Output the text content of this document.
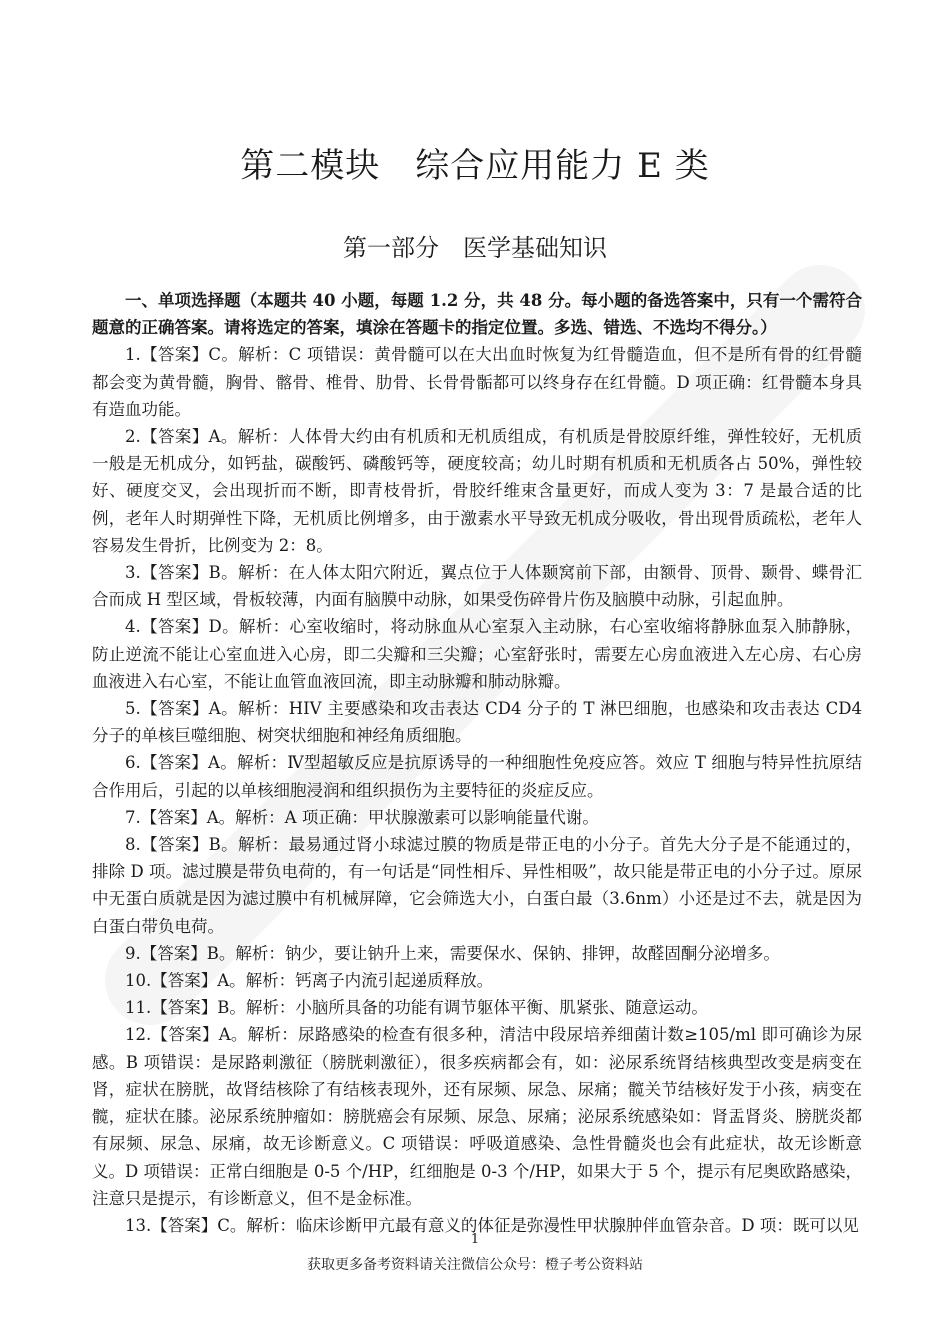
第二模块　综合应用能力 E 类
第一部分　医学基础知识

一、单项选择题（本题共 40 小题，每题 1.2 分，共 48 分。每小题的备选答案中，只有一个需符合题意的正确答案。请将选定的答案，填涂在答题卡的指定位置。多选、错选、不选均不得分。）

1.【答案】C。解析：C 项错误：黄骨髓可以在大出血时恢复为红骨髓造血，但不是所有骨的红骨髓都会变为黄骨髓，胸骨、髂骨、椎骨、肋骨、长骨骨骺都可以终身存在红骨髓。D 项正确：红骨髓本身具有造血功能。

2.【答案】A。解析：人体骨大约由有机质和无机质组成，有机质是骨胶原纤维，弹性较好，无机质一般是无机成分，如钙盐，碳酸钙、磷酸钙等，硬度较高；幼儿时期有机质和无机质各占 50%，弹性较好、硬度交叉，会出现折而不断，即青枝骨折，骨胶纤维束含量更好，而成人变为 3：7 是最合适的比例，老年人时期弹性下降，无机质比例增多，由于激素水平导致无机成分吸收，骨出现骨质疏松，老年人容易发生骨折，比例变为 2：8。

3.【答案】B。解析：在人体太阳穴附近，翼点位于人体颞窝前下部，由额骨、顶骨、颞骨、蝶骨汇合而成 H 型区域，骨板较薄，内面有脑膜中动脉，如果受伤碎骨片伤及脑膜中动脉，引起血肿。

4.【答案】D。解析：心室收缩时，将动脉血从心室泵入主动脉，右心室收缩将静脉血泵入肺静脉，防止逆流不能让心室血进入心房，即二尖瓣和三尖瓣；心室舒张时，需要左心房血液进入左心房、右心房血液进入右心室，不能让血管血液回流，即主动脉瓣和肺动脉瓣。

5.【答案】A。解析：HIV 主要感染和攻击表达 CD4 分子的 T 淋巴细胞，也感染和攻击表达 CD4 分子的单核巨噬细胞、树突状细胞和神经角质细胞。

6.【答案】A。解析：Ⅳ型超敏反应是抗原诱导的一种细胞性免疫应答。效应 T 细胞与特异性抗原结合作用后，引起的以单核细胞浸润和组织损伤为主要特征的炎症反应。

7.【答案】A。解析：A 项正确：甲状腺激素可以影响能量代谢。

8.【答案】B。解析：最易通过肾小球滤过膜的物质是带正电的小分子。首先大分子是不能通过的，排除 D 项。滤过膜是带负电荷的，有一句话是“同性相斥、异性相吸”，故只能是带正电的小分子过。原尿中无蛋白质就是因为滤过膜中有机械屏障，它会筛选大小，白蛋白最（3.6nm）小还是过不去，就是因为白蛋白带负电荷。

9.【答案】B。解析：钠少，要让钠升上来，需要保水、保钠、排钾，故醛固酮分泌增多。

10.【答案】A。解析：钙离子内流引起递质释放。

11.【答案】B。解析：小脑所具备的功能有调节躯体平衡、肌紧张、随意运动。

12.【答案】A。解析：尿路感染的检查有很多种，清洁中段尿培养细菌计数≥105/ml 即可确诊为尿感。B 项错误：是尿路刺激征（膀胱刺激征），很多疾病都会有，如：泌尿系统肾结核典型改变是病变在肾，症状在膀胱，故肾结核除了有结核表现外，还有尿频、尿急、尿痛；髋关节结核好发于小孩，病变在髋，症状在膝。泌尿系统肿瘤如：膀胱癌会有尿频、尿急、尿痛；泌尿系统感染如：肾盂肾炎、膀胱炎都有尿频、尿急、尿痛，故无诊断意义。C 项错误：呼吸道感染、急性骨髓炎也会有此症状，故无诊断意义。D 项错误：正常白细胞是 0-5 个/HP，红细胞是 0-3 个/HP，如果大于 5 个，提示有尼奥欧路感染，注意只是提示，有诊断意义，但不是金标准。

13.【答案】C。解析：临床诊断甲亢最有意义的体征是弥漫性甲状腺肿伴血管杂音。D 项：既可以见

1
获取更多备考资料请关注微信公众号：橙子考公资料站
